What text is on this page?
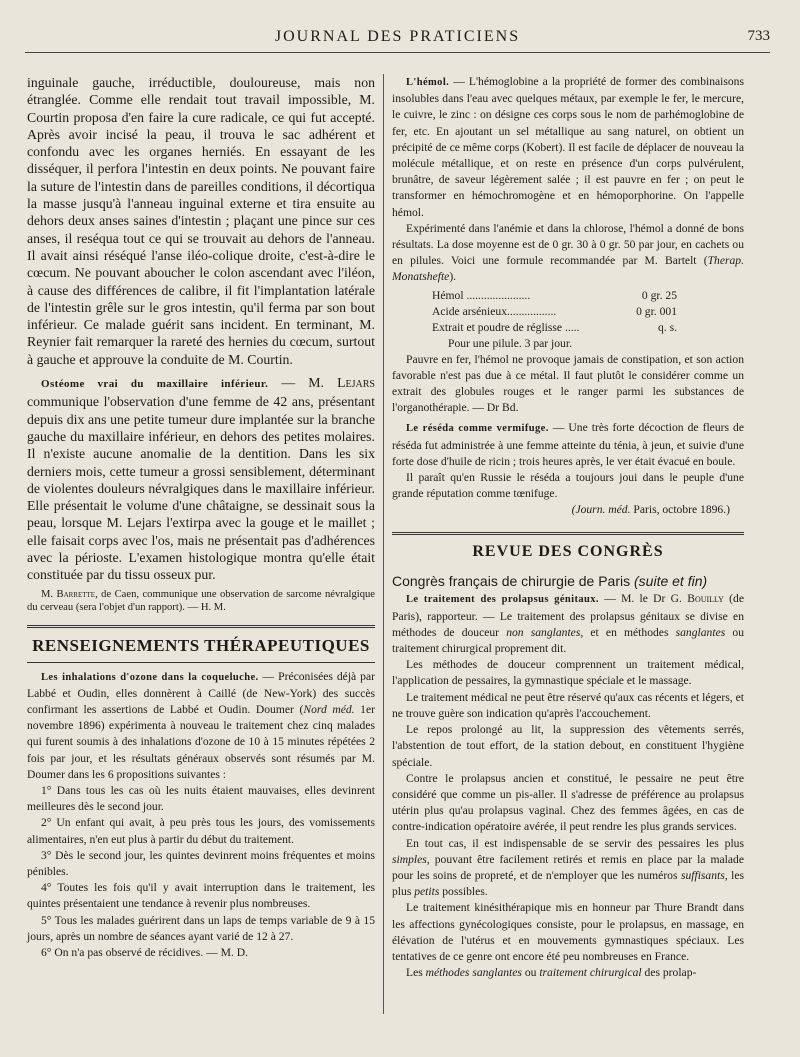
JOURNAL DES PRATICIENS	733

inguinale gauche, irréductible, douloureuse, mais non étranglée. Comme elle rendait tout travail impossible, M. Courtin proposa d'en faire la cure radicale, ce qui fut accepté. Après avoir incisé la peau, il trouva le sac adhérent et confondu avec les organes herniés. En essayant de les disséquer, il perfora l'intestin en deux points. Ne pouvant faire la suture de l'intestin dans de pareilles conditions, il décortiqua la masse jusqu'à l'anneau inguinal externe et tira ensuite au dehors deux anses saines d'intestin ; plaçant une pince sur ces anses, il reséqua tout ce qui se trouvait au dehors de l'anneau. Il avait ainsi réséqué l'anse iléo-colique droite, c'est-à-dire le cœcum. Ne pouvant aboucher le colon ascendant avec l'iléon, à cause des différences de calibre, il fit l'implantation latérale de l'intestin grêle sur le gros intestin, qu'il ferma par son bout inférieur. Ce malade guérit sans incident. En terminant, M. Reynier fait remarquer la rareté des hernies du cœcum, surtout à gauche et approuve la conduite de M. Courtin.

Ostéome vrai du maxillaire inférieur. — M. Lejars communique l'observation d'une femme de 42 ans, présentant depuis dix ans une petite tumeur dure implantée sur la branche gauche du maxillaire inférieur, en dehors des petites molaires. Il n'existe aucune anomalie de la dentition. Dans les six derniers mois, cette tumeur a grossi sensiblement, déterminant de violentes douleurs névralgiques dans le maxillaire inférieur. Elle présentait le volume d'une châtaigne, se dessinait sous la peau, lorsque M. Lejars l'extirpa avec la gouge et le maillet ; elle faisait corps avec l'os, mais ne présentait pas d'adhérences avec la périoste. L'examen histologique montra qu'elle était constituée par du tissu osseux pur.

M. Barrette, de Caen, communique une observation de sarcome névralgique du cerveau (sera l'objet d'un rapport). — H. M.

RENSEIGNEMENTS THÉRAPEUTIQUES

Les inhalations d'ozone dans la coqueluche. — Préconisées déjà par Labbé et Oudin, elles donnèrent à Caillé (de New-York) des succès confirmant les assertions de Labbé et Oudin. Doumer (Nord méd. 1er novembre 1896) expérimenta à nouveau le traitement chez cinq malades qui furent soumis à des inhalations d'ozone de 10 à 15 minutes répétées 2 fois par jour, et les résultats généraux observés sont résumés par M. Doumer dans les 6 propositions suivantes :

1° Dans tous les cas où les nuits étaient mauvaises, elles devinrent meilleures dès le second jour.

2° Un enfant qui avait, à peu près tous les jours, des vomissements alimentaires, n'en eut plus à partir du début du traitement.

3° Dès le second jour, les quintes devinrent moins fréquentes et moins pénibles.

4° Toutes les fois qu'il y avait interruption dans le traitement, les quintes présentaient une tendance à revenir plus nombreuses.

5° Tous les malades guérirent dans un laps de temps variable de 9 à 15 jours, après un nombre de séances ayant varié de 12 à 27.

6° On n'a pas observé de récidives. — M. D.

L'hémol. — L'hémoglobine a la propriété de former des combinaisons insolubles dans l'eau avec quelques métaux, par exemple le fer, le mercure, le cuivre, le zinc : on désigne ces corps sous le nom de parhémoglobine de fer, etc. En ajoutant un sel métallique au sang naturel, on obtient un précipité de ce même corps (Kobert). Il est facile de déplacer de nouveau la molécule métallique, et on reste en présence d'un corps pulvérulent, brunâtre, de saveur légèrement salée ; il est pauvre en fer ; on peut le transformer en hémochromogène et en hémoporphorine. On l'appelle hémol.

Expérimenté dans l'anémie et dans la chlorose, l'hémol a donné de bons résultats. La dose moyenne est de 0 gr. 30 à 0 gr. 50 par jour, en cachets ou en pilules. Voici une formule recommandée par M. Bartelt (Therap. Monatshefte).

Hémol ......................	0 gr. 25
Acide arsénieux.................	0 gr. 001
Extrait et poudre de réglisse .....	q. s.
Pour une pilule. 3 par jour.

Pauvre en fer, l'hémol ne provoque jamais de constipation, et son action favorable n'est pas due à ce métal. Il faut plutôt le considérer comme un extrait des globules rouges et le ranger parmi les substances de l'organothérapie. — Dr Bd.

Le réséda comme vermifuge. — Une très forte décoction de fleurs de réséda fut administrée à une femme atteinte du ténia, à jeun, et suivie d'une forte dose d'huile de ricin ; trois heures après, le ver était évacué en boule.

Il paraît qu'en Russie le réséda a toujours joui dans le peuple d'une grande réputation comme tœnifuge.

(Journ. méd. Paris, octobre 1896.)

REVUE DES CONGRÈS
Congrès français de chirurgie de Paris (suite et fin)

Le traitement des prolapsus génitaux. — M. le Dr G. Bouilly (de Paris), rapporteur. — Le traitement des prolapsus génitaux se divise en méthodes de douceur non sanglantes, et en méthodes sanglantes ou traitement chirurgical proprement dit.

Les méthodes de douceur comprennent un traitement médical, l'application de pessaires, la gymnastique spéciale et le massage.

Le traitement médical ne peut être réservé qu'aux cas récents et légers, et ne trouve guère son indication qu'après l'accouchement.

Le repos prolongé au lit, la suppression des vêtements serrés, l'abstention de tout effort, de la station debout, en constituent l'hygiène spéciale.

Contre le prolapsus ancien et constitué, le pessaire ne peut être considéré que comme un pis-aller. Il s'adresse de préférence au prolapsus utérin plus qu'au prolapsus vaginal. Chez des femmes âgées, en cas de contre-indication opératoire avérée, il peut rendre les plus grands services.

En tout cas, il est indispensable de se servir des pessaires les plus simples, pouvant être facilement retirés et remis en place par la malade pour les soins de propreté, et de n'employer que les numéros suffisants, les plus petits possibles.

Le traitement kinésithérapique mis en honneur par Thure Brandt dans les affections gynécologiques consiste, pour le prolapsus, en massage, en élévation de l'utérus et en mouvements gymnastiques spéciaux. Les tentatives de ce genre ont encore été peu nombreuses en France.

Les méthodes sanglantes ou traitement chirurgical des prolap-
